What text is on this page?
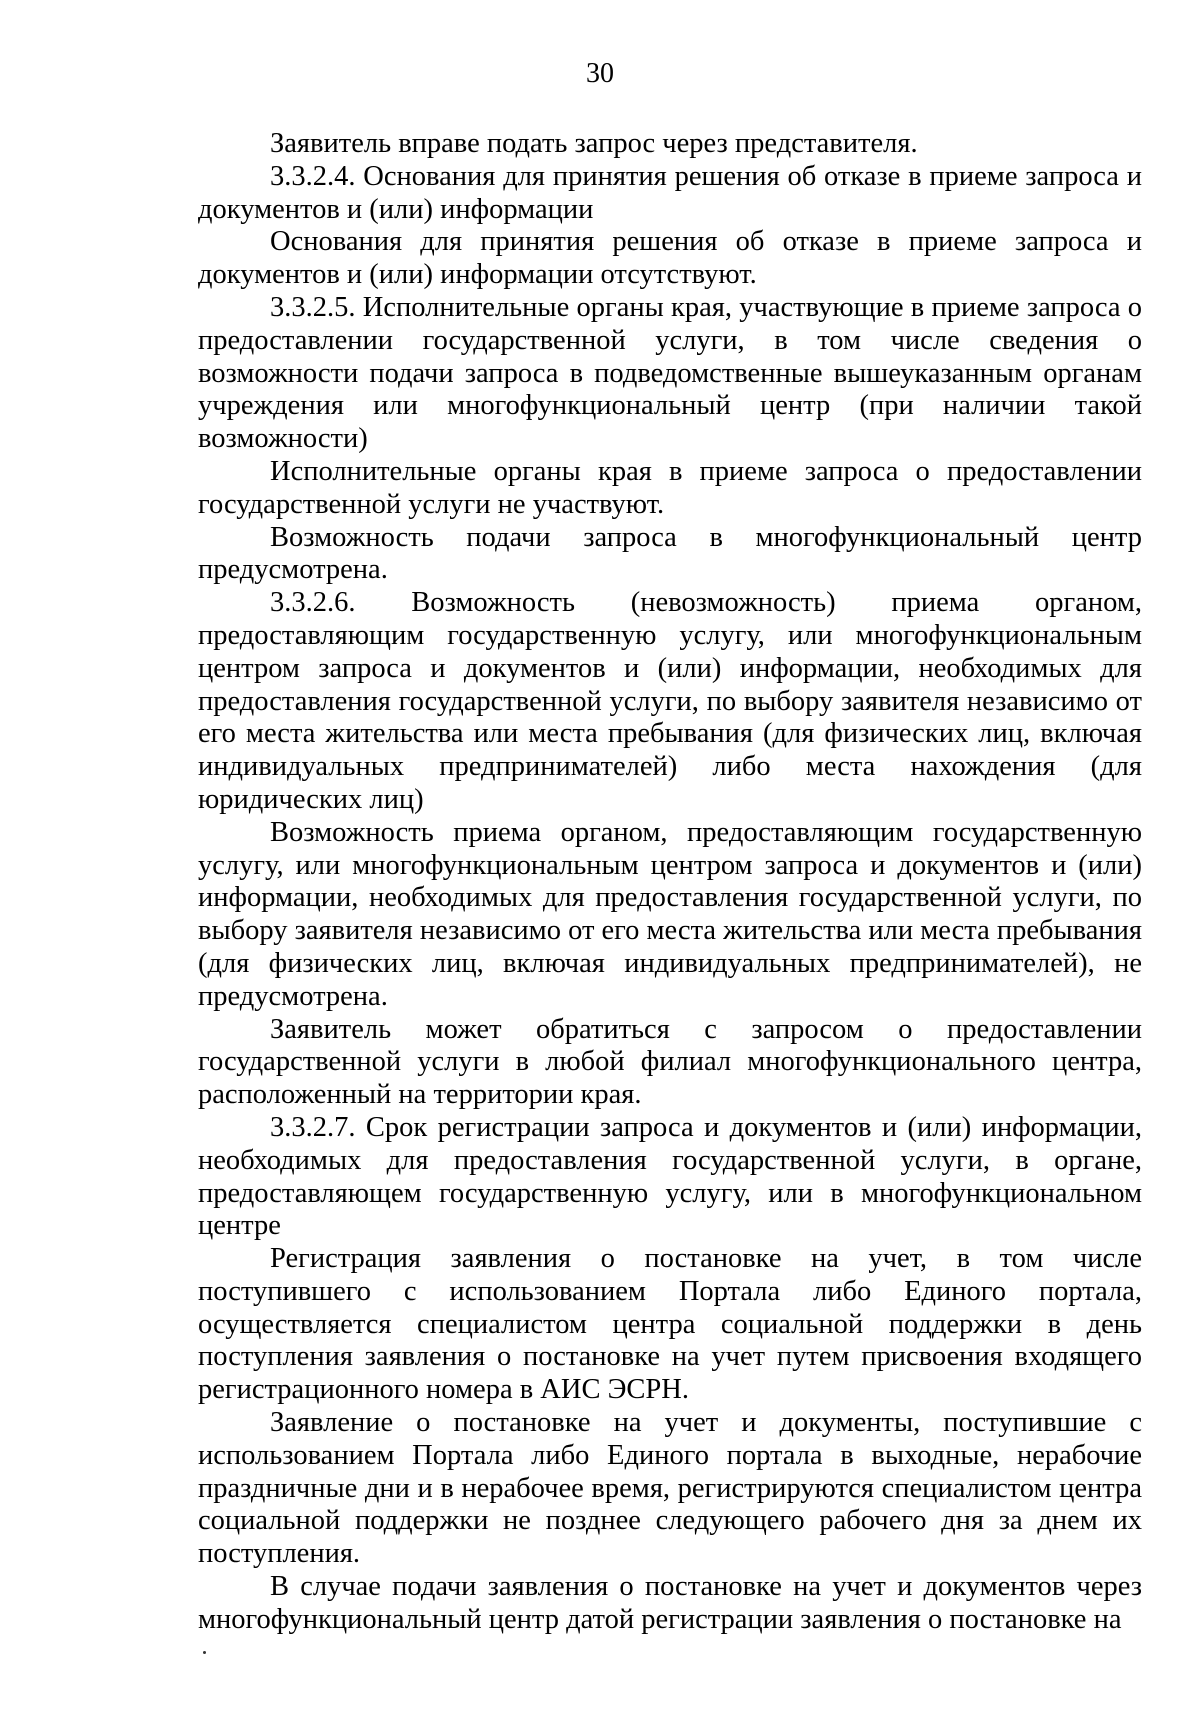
30

Заявитель вправе подать запрос через представителя.

3.3.2.4. Основания для принятия решения об отказе в приеме запроса и документов и (или) информации

Основания для принятия решения об отказе в приеме запроса и документов и (или) информации отсутствуют.

3.3.2.5. Исполнительные органы края, участвующие в приеме запроса о предоставлении государственной услуги, в том числе сведения о возможности подачи запроса в подведомственные вышеуказанным органам учреждения или многофункциональный центр (при наличии такой возможности)

Исполнительные органы края в приеме запроса о предоставлении государственной услуги не участвуют.

Возможность подачи запроса в многофункциональный центр предусмотрена.

3.3.2.6. Возможность (невозможность) приема органом, предоставляющим государственную услугу, или многофункциональным центром запроса и документов и (или) информации, необходимых для предоставления государственной услуги, по выбору заявителя независимо от его места жительства или места пребывания (для физических лиц, включая индивидуальных предпринимателей) либо места нахождения (для юридических лиц)

Возможность приема органом, предоставляющим государственную услугу, или многофункциональным центром запроса и документов и (или) информации, необходимых для предоставления государственной услуги, по выбору заявителя независимо от его места жительства или места пребывания (для физических лиц, включая индивидуальных предпринимателей), не предусмотрена.

Заявитель может обратиться с запросом о предоставлении государственной услуги в любой филиал многофункционального центра, расположенный на территории края.

3.3.2.7. Срок регистрации запроса и документов и (или) информации, необходимых для предоставления государственной услуги, в органе, предоставляющем государственную услугу, или в многофункциональном центре

Регистрация заявления о постановке на учет, в том числе поступившего с использованием Портала либо Единого портала, осуществляется специалистом центра социальной поддержки в день поступления заявления о постановке на учет путем присвоения входящего регистрационного номера в АИС ЭСРН.

Заявление о постановке на учет и документы, поступившие с использованием Портала либо Единого портала в выходные, нерабочие праздничные дни и в нерабочее время, регистрируются специалистом центра социальной поддержки не позднее следующего рабочего дня за днем их поступления.

В случае подачи заявления о постановке на учет и документов через многофункциональный центр датой регистрации заявления о постановке на
